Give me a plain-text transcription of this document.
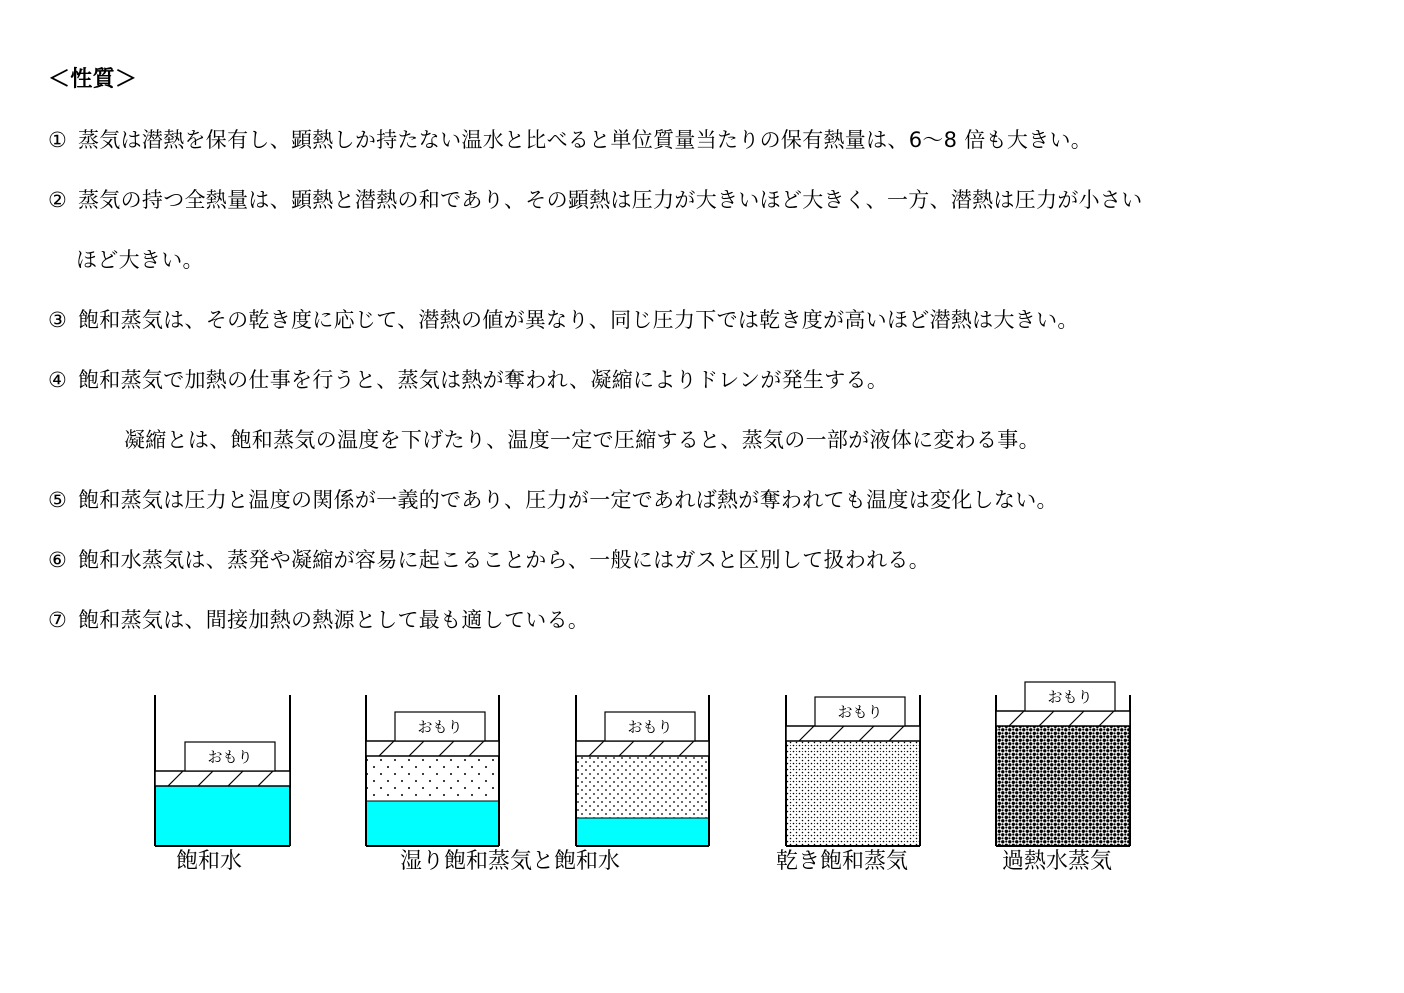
＜性質＞
① 蒸気は潜熱を保有し、顕熱しか持たない温水と比べると単位質量当たりの保有熱量は、6～8 倍も大きい。
② 蒸気の持つ全熱量は、顕熱と潜熱の和であり、その顕熱は圧力が大きいほど大きく、一方、潜熱は圧力が小さい
ほど大きい。
③ 飽和蒸気は、その乾き度に応じて、潜熱の値が異なり、同じ圧力下では乾き度が高いほど潜熱は大きい。
④ 飽和蒸気で加熱の仕事を行うと、蒸気は熱が奪われ、凝縮によりドレンが発生する。
凝縮とは、飽和蒸気の温度を下げたり、温度一定で圧縮すると、蒸気の一部が液体に変わる事。
⑤ 飽和蒸気は圧力と温度の関係が一義的であり、圧力が一定であれば熱が奪われても温度は変化しない。
⑥ 飽和水蒸気は、蒸発や凝縮が容易に起こることから、一般にはガスと区別して扱われる。
⑦ 飽和蒸気は、間接加熱の熱源として最も適している。
おもり
おもり	おもり
おもり
おもり
飽和水	湿り飽和蒸気と飽和水	乾き飽和蒸気	過熱水蒸気
